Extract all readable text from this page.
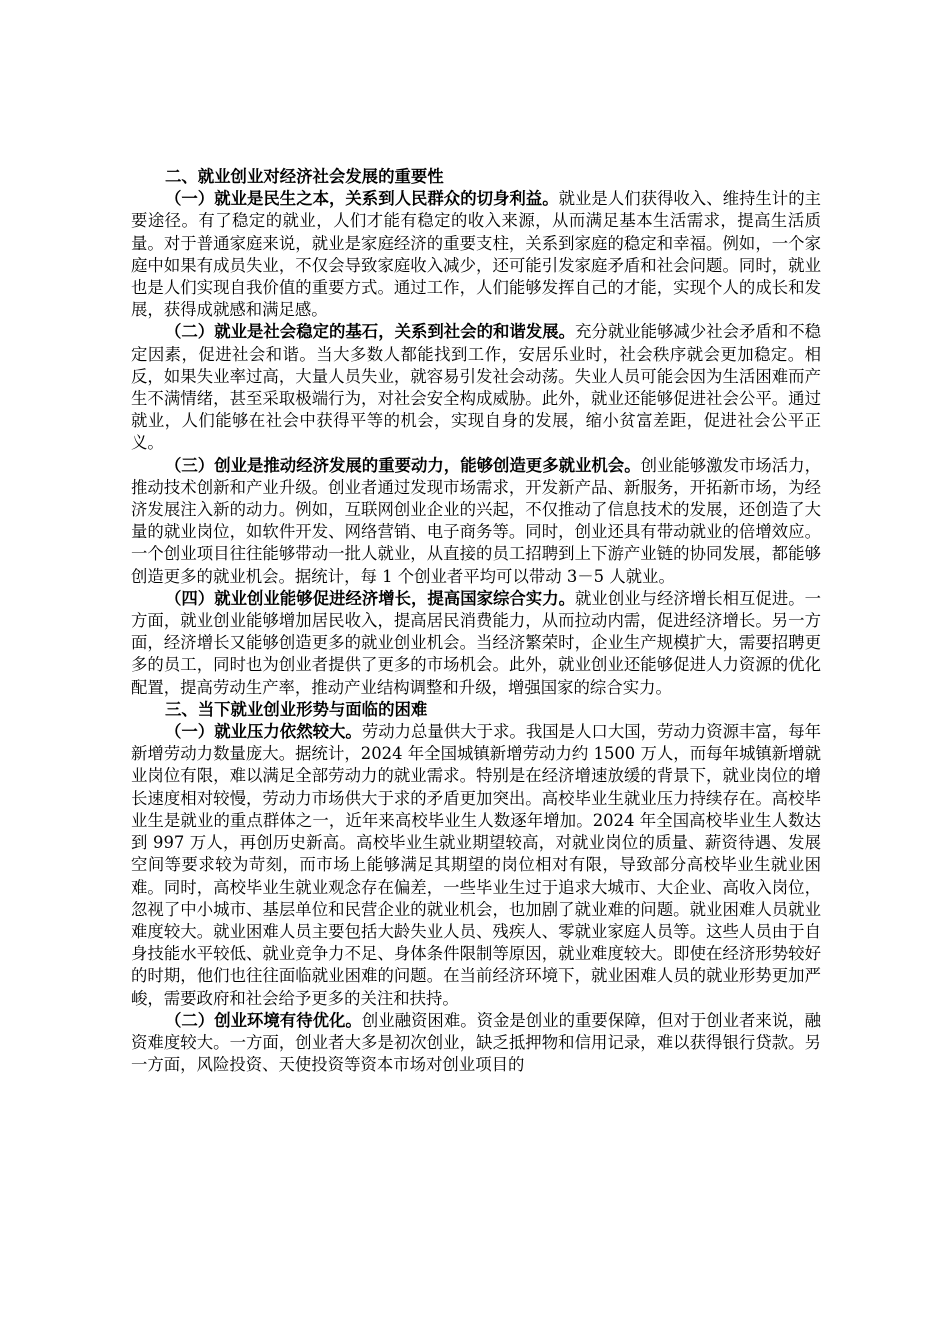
二、就业创业对经济社会发展的重要性

（一）就业是民生之本，关系到人民群众的切身利益。就业是人们获得收入、维持生计的主要途径。有了稳定的就业，人们才能有稳定的收入来源，从而满足基本生活需求，提高生活质量。对于普通家庭来说，就业是家庭经济的重要支柱，关系到家庭的稳定和幸福。例如，一个家庭中如果有成员失业，不仅会导致家庭收入减少，还可能引发家庭矛盾和社会问题。同时，就业也是人们实现自我价值的重要方式。通过工作，人们能够发挥自己的才能，实现个人的成长和发展，获得成就感和满足感。

（二）就业是社会稳定的基石，关系到社会的和谐发展。充分就业能够减少社会矛盾和不稳定因素，促进社会和谐。当大多数人都能找到工作，安居乐业时，社会秩序就会更加稳定。相反，如果失业率过高，大量人员失业，就容易引发社会动荡。失业人员可能会因为生活困难而产生不满情绪，甚至采取极端行为，对社会安全构成威胁。此外，就业还能够促进社会公平。通过就业，人们能够在社会中获得平等的机会，实现自身的发展，缩小贫富差距，促进社会公平正义。

（三）创业是推动经济发展的重要动力，能够创造更多就业机会。创业能够激发市场活力，推动技术创新和产业升级。创业者通过发现市场需求，开发新产品、新服务，开拓新市场，为经济发展注入新的动力。例如，互联网创业企业的兴起，不仅推动了信息技术的发展，还创造了大量的就业岗位，如软件开发、网络营销、电子商务等。同时，创业还具有带动就业的倍增效应。一个创业项目往往能够带动一批人就业，从直接的员工招聘到上下游产业链的协同发展，都能够创造更多的就业机会。据统计，每 1 个创业者平均可以带动 3－5 人就业。

（四）就业创业能够促进经济增长，提高国家综合实力。就业创业与经济增长相互促进。一方面，就业创业能够增加居民收入，提高居民消费能力，从而拉动内需，促进经济增长。另一方面，经济增长又能够创造更多的就业创业机会。当经济繁荣时，企业生产规模扩大，需要招聘更多的员工，同时也为创业者提供了更多的市场机会。此外，就业创业还能够促进人力资源的优化配置，提高劳动生产率，推动产业结构调整和升级，增强国家的综合实力。

三、当下就业创业形势与面临的困难

（一）就业压力依然较大。劳动力总量供大于求。我国是人口大国，劳动力资源丰富，每年新增劳动力数量庞大。据统计，2024 年全国城镇新增劳动力约 1500 万人，而每年城镇新增就业岗位有限，难以满足全部劳动力的就业需求。特别是在经济增速放缓的背景下，就业岗位的增长速度相对较慢，劳动力市场供大于求的矛盾更加突出。高校毕业生就业压力持续存在。高校毕业生是就业的重点群体之一，近年来高校毕业生人数逐年增加。2024 年全国高校毕业生人数达到 997 万人，再创历史新高。高校毕业生就业期望较高，对就业岗位的质量、薪资待遇、发展空间等要求较为苛刻，而市场上能够满足其期望的岗位相对有限，导致部分高校毕业生就业困难。同时，高校毕业生就业观念存在偏差，一些毕业生过于追求大城市、大企业、高收入岗位，忽视了中小城市、基层单位和民营企业的就业机会，也加剧了就业难的问题。就业困难人员就业难度较大。就业困难人员主要包括大龄失业人员、残疾人、零就业家庭人员等。这些人员由于自身技能水平较低、就业竞争力不足、身体条件限制等原因，就业难度较大。即使在经济形势较好的时期，他们也往往面临就业困难的问题。在当前经济环境下，就业困难人员的就业形势更加严峻，需要政府和社会给予更多的关注和扶持。

（二）创业环境有待优化。创业融资困难。资金是创业的重要保障，但对于创业者来说，融资难度较大。一方面，创业者大多是初次创业，缺乏抵押物和信用记录，难以获得银行贷款。另一方面，风险投资、天使投资等资本市场对创业项目的
